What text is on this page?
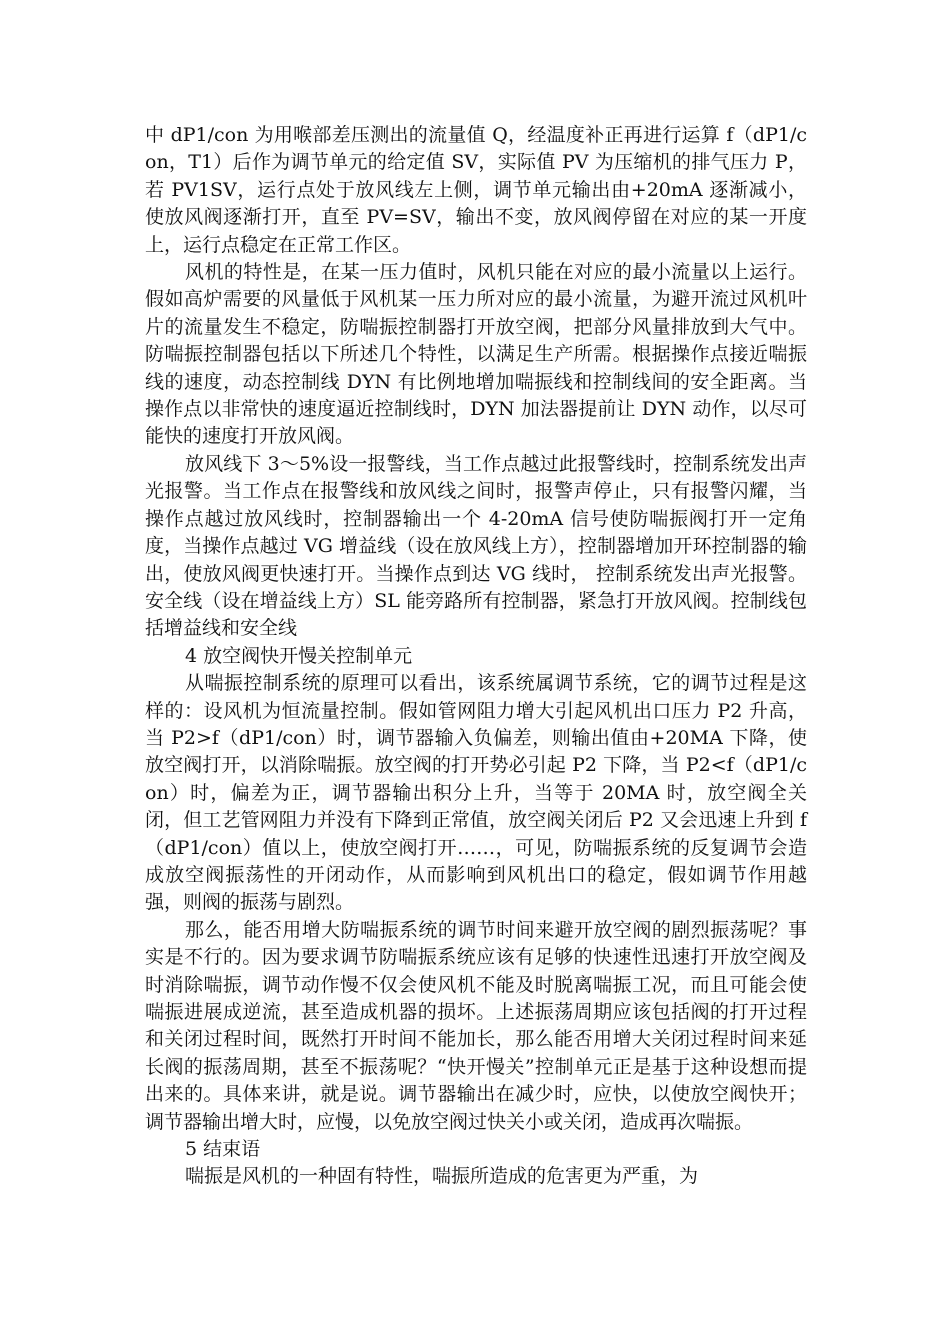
中 dP1/con 为用喉部差压测出的流量值 Q，经温度补正再进行运算 f（dP1/con，T1）后作为调节单元的给定值 SV，实际值 PV 为压缩机的排气压力 P，若 PV1SV，运行点处于放风线左上侧，调节单元输出由+20mA 逐渐减小，使放风阀逐渐打开，直至 PV=SV，输出不变，放风阀停留在对应的某一开度上，运行点稳定在正常工作区。

风机的特性是，在某一压力值时，风机只能在对应的最小流量以上运行。假如高炉需要的风量低于风机某一压力所对应的最小流量，为避开流过风机叶片的流量发生不稳定，防喘振控制器打开放空阀，把部分风量排放到大气中。防喘振控制器包括以下所述几个特性，以满足生产所需。根据操作点接近喘振线的速度，动态控制线 DYN 有比例地增加喘振线和控制线间的安全距离。当操作点以非常快的速度逼近控制线时，DYN 加法器提前让 DYN 动作，以尽可能快的速度打开放风阀。

放风线下 3～5%设一报警线，当工作点越过此报警线时，控制系统发出声光报警。当工作点在报警线和放风线之间时，报警声停止，只有报警闪耀，当操作点越过放风线时，控制器输出一个 4-20mA 信号使防喘振阀打开一定角度，当操作点越过 VG 增益线（设在放风线上方），控制器增加开环控制器的输出，使放风阀更快速打开。当操作点到达 VG 线时， 控制系统发出声光报警。安全线（设在增益线上方）SL 能旁路所有控制器，紧急打开放风阀。控制线包括增益线和安全线

4 放空阀快开慢关控制单元

从喘振控制系统的原理可以看出，该系统属调节系统，它的调节过程是这样的：设风机为恒流量控制。假如管网阻力增大引起风机出口压力 P2 升高，当 P2>f（dP1/con）时，调节器输入负偏差，则输出值由+20MA 下降，使放空阀打开，以消除喘振。放空阀的打开势必引起 P2 下降，当 P2<f（dP1/con）时，偏差为正，调节器输出积分上升，当等于 20MA 时，放空阀全关闭，但工艺管网阻力并没有下降到正常值，放空阀关闭后 P2 又会迅速上升到 f（dP1/con）值以上，使放空阀打开……，可见，防喘振系统的反复调节会造成放空阀振荡性的开闭动作，从而影响到风机出口的稳定，假如调节作用越强，则阀的振荡与剧烈。

那么，能否用增大防喘振系统的调节时间来避开放空阀的剧烈振荡呢？事实是不行的。因为要求调节防喘振系统应该有足够的快速性迅速打开放空阀及时消除喘振，调节动作慢不仅会使风机不能及时脱离喘振工况，而且可能会使喘振进展成逆流，甚至造成机器的损坏。上述振荡周期应该包括阀的打开过程和关闭过程时间，既然打开时间不能加长，那么能否用增大关闭过程时间来延长阀的振荡周期，甚至不振荡呢？“快开慢关”控制单元正是基于这种设想而提出来的。具体来讲，就是说。调节器输出在减少时，应快，以使放空阀快开；调节器输出增大时，应慢，以免放空阀过快关小或关闭，造成再次喘振。

5 结束语

喘振是风机的一种固有特性，喘振所造成的危害更为严重，为
